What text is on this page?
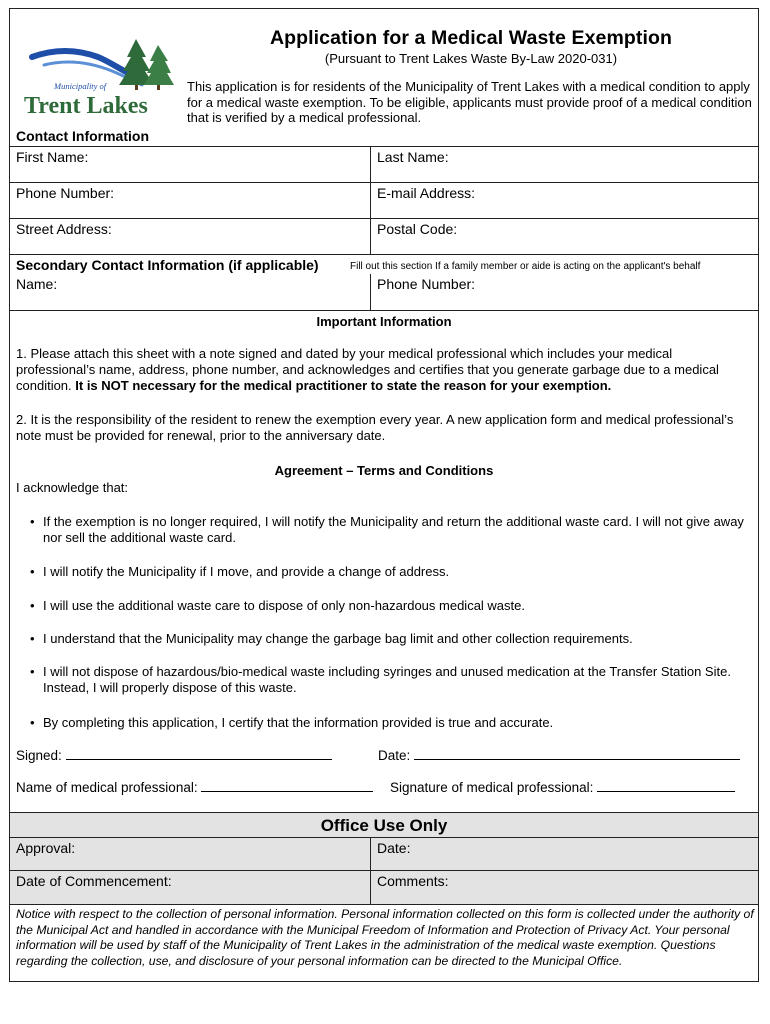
Municipality of
Trent Lakes
Application for a Medical Waste Exemption
(Pursuant to Trent Lakes Waste By-Law 2020-031)
This application is for residents of the Municipality of Trent Lakes with a medical condition to apply for a medical waste exemption. To be eligible, applicants must provide proof of a medical condition that is verified by a medical professional.
Contact Information
First Name:	Last Name:
Phone Number:	E-mail Address:
Street Address:	Postal Code:
Secondary Contact Information (if applicable)	Fill out this section If a family member or aide is acting on the applicant's behalf
Name:	Phone Number:
Important Information
1. Please attach this sheet with a note signed and dated by your medical professional which includes your medical professional’s name, address, phone number, and acknowledges and certifies that you generate garbage due to a medical condition. It is NOT necessary for the medical practitioner to state the reason for your exemption.
2. It is the responsibility of the resident to renew the exemption every year. A new application form and medical professional’s note must be provided for renewal, prior to the anniversary date.
Agreement – Terms and Conditions
I acknowledge that:
• If the exemption is no longer required, I will notify the Municipality and return the additional waste card. I will not give away nor sell the additional waste card.
• I will notify the Municipality if I move, and provide a change of address.
• I will use the additional waste care to dispose of only non-hazardous medical waste.
• I understand that the Municipality may change the garbage bag limit and other collection requirements.
• I will not dispose of hazardous/bio-medical waste including syringes and unused medication at the Transfer Station Site. Instead, I will properly dispose of this waste.
• By completing this application, I certify that the information provided is true and accurate.
Signed:	Date:
Name of medical professional:	Signature of medical professional:
Office Use Only
Approval:	Date:
Date of Commencement:	Comments:
Notice with respect to the collection of personal information. Personal information collected on this form is collected under the authority of the Municipal Act and handled in accordance with the Municipal Freedom of Information and Protection of Privacy Act. Your personal information will be used by staff of the Municipality of Trent Lakes in the administration of the medical waste exemption. Questions regarding the collection, use, and disclosure of your personal information can be directed to the Municipal Office.
